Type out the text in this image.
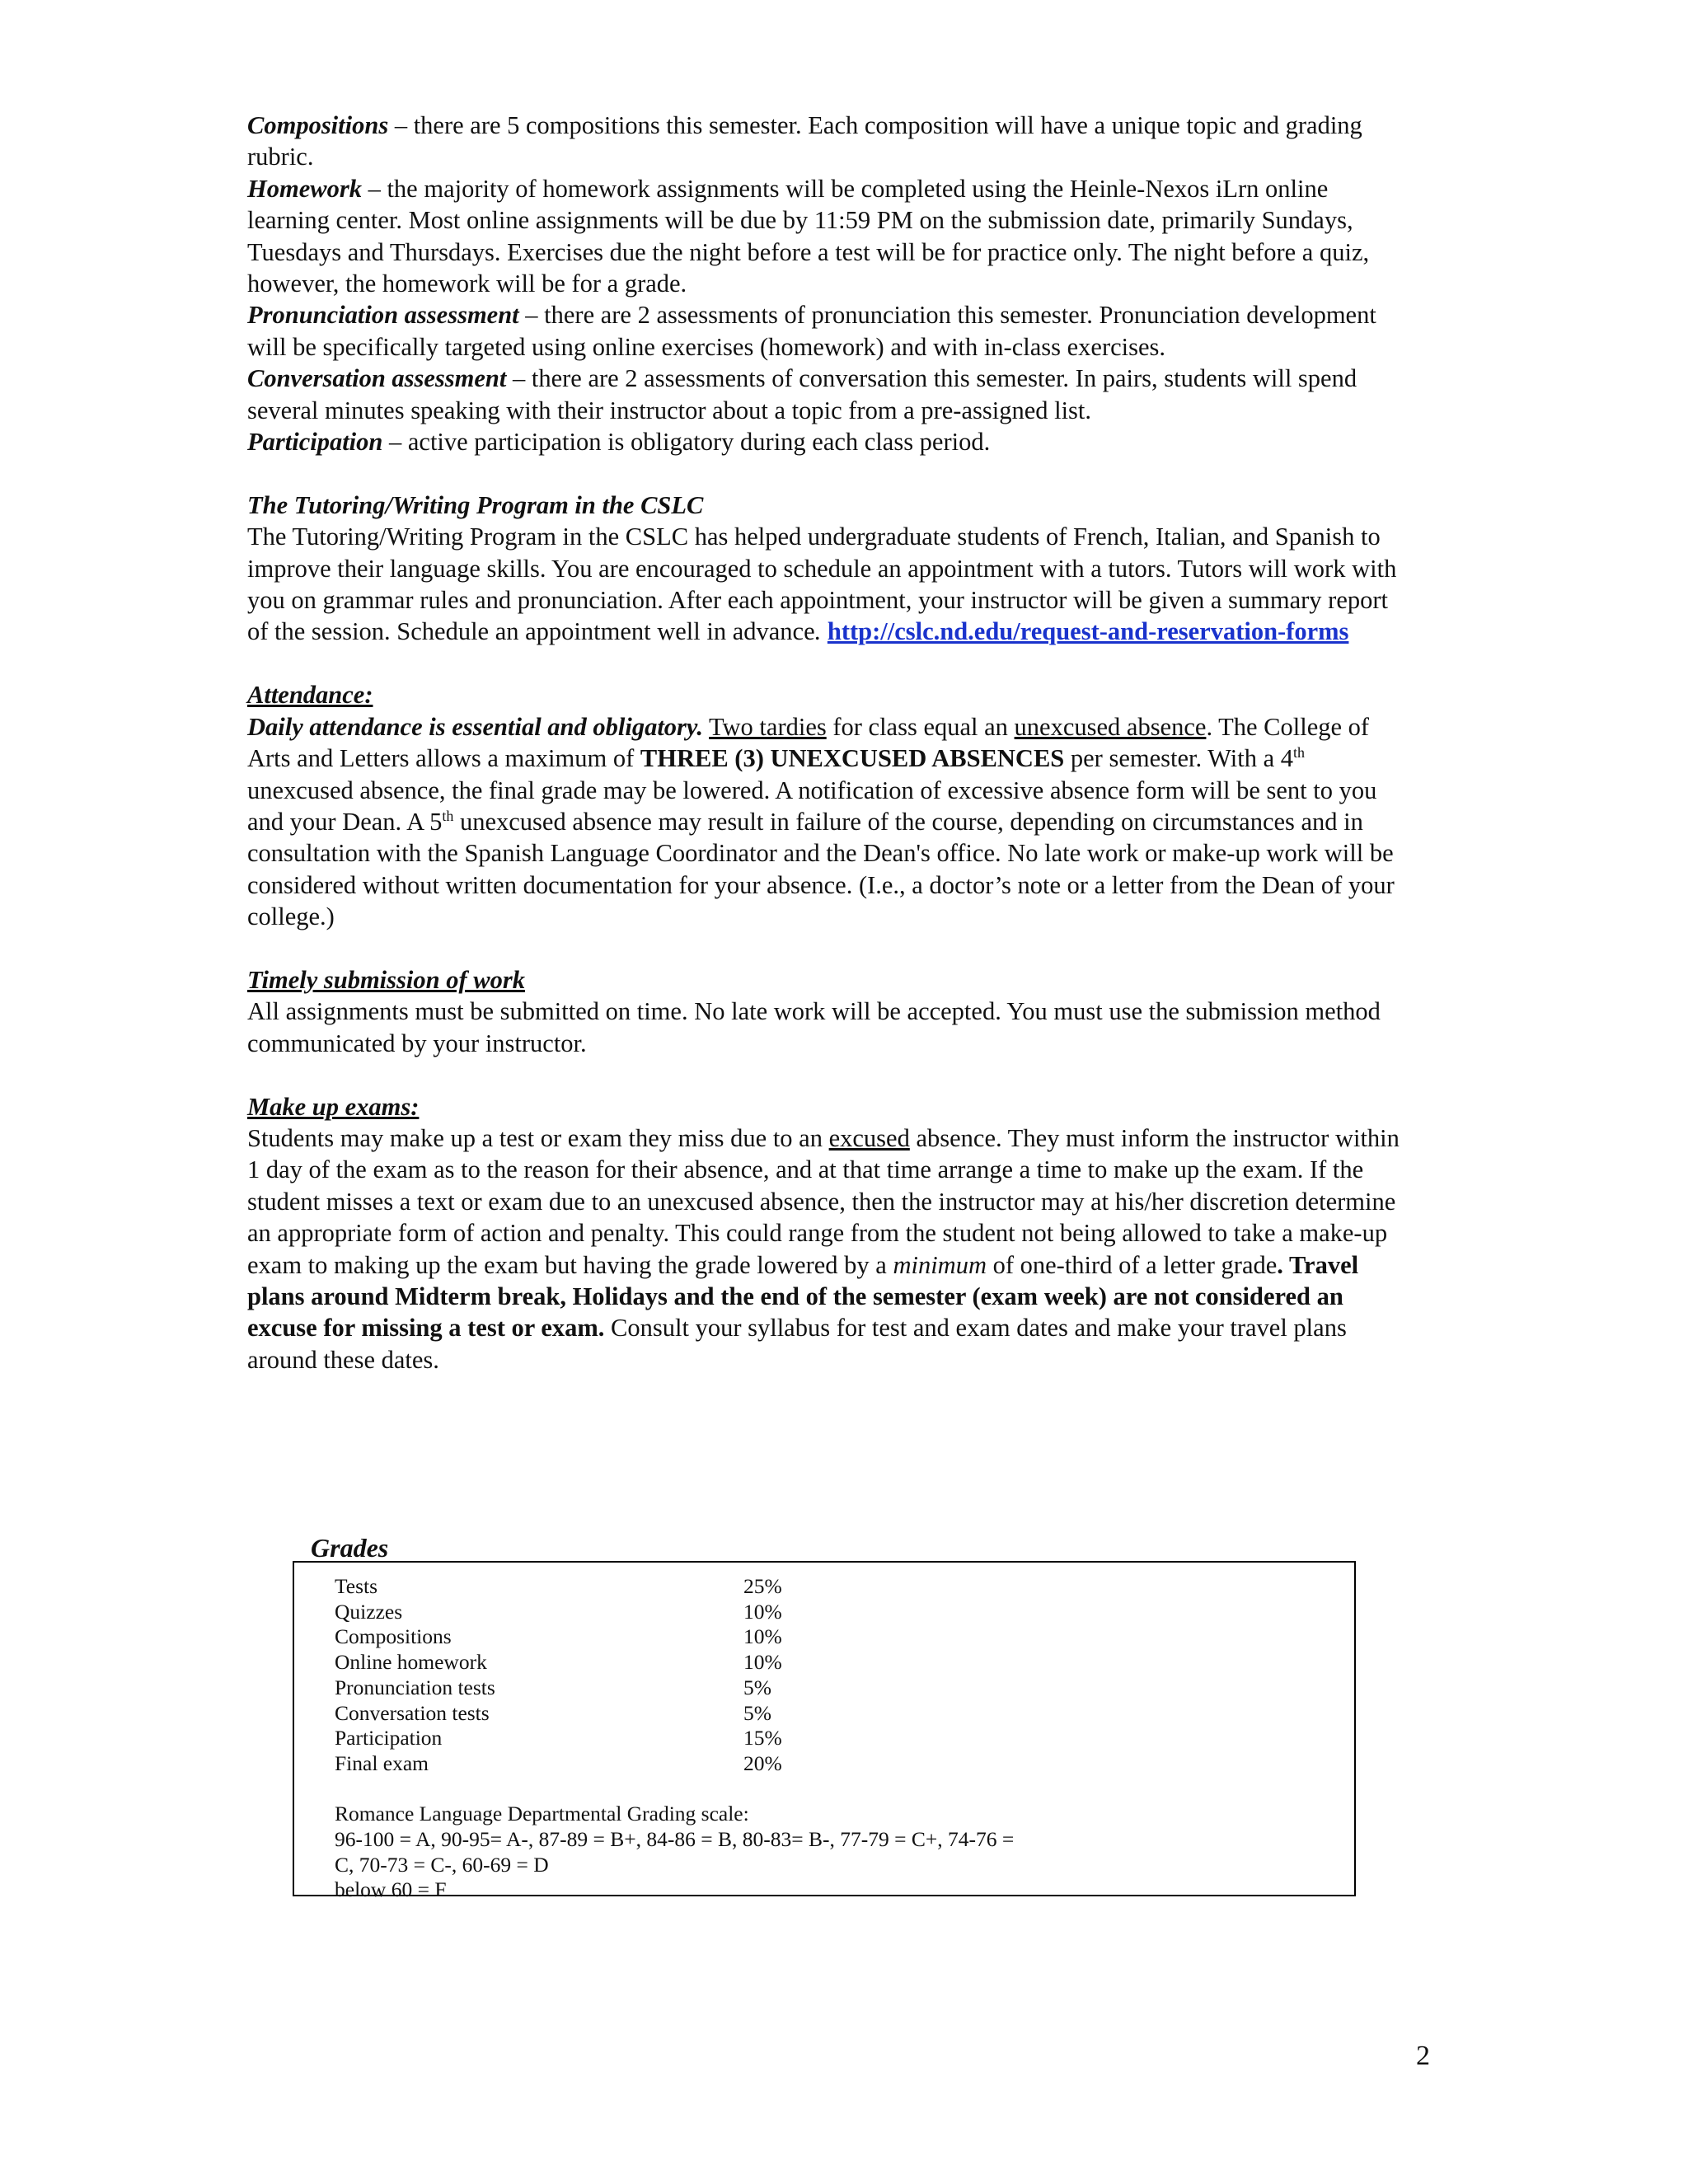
Compositions – there are 5 compositions this semester. Each composition will have a unique topic and grading rubric.

Homework – the majority of homework assignments will be completed using the Heinle-Nexos iLrn online learning center. Most online assignments will be due by 11:59 PM on the submission date, primarily Sundays, Tuesdays and Thursdays. Exercises due the night before a test will be for practice only. The night before a quiz, however, the homework will be for a grade.

Pronunciation assessment – there are 2 assessments of pronunciation this semester. Pronunciation development will be specifically targeted using online exercises (homework) and with in-class exercises.

Conversation assessment – there are 2 assessments of conversation this semester. In pairs, students will spend several minutes speaking with their instructor about a topic from a pre-assigned list.

Participation – active participation is obligatory during each class period.

The Tutoring/Writing Program in the CSLC

The Tutoring/Writing Program in the CSLC has helped undergraduate students of French, Italian, and Spanish to improve their language skills. You are encouraged to schedule an appointment with a tutors. Tutors will work with you on grammar rules and pronunciation. After each appointment, your instructor will be given a summary report of the session. Schedule an appointment well in advance. http://cslc.nd.edu/request-and-reservation-forms

Attendance:

Daily attendance is essential and obligatory. Two tardies for class equal an unexcused absence. The College of Arts and Letters allows a maximum of THREE (3) UNEXCUSED ABSENCES per semester. With a 4th unexcused absence, the final grade may be lowered. A notification of excessive absence form will be sent to you and your Dean. A 5th unexcused absence may result in failure of the course, depending on circumstances and in consultation with the Spanish Language Coordinator and the Dean's office. No late work or make-up work will be considered without written documentation for your absence. (I.e., a doctor’s note or a letter from the Dean of your college.)

Timely submission of work

All assignments must be submitted on time. No late work will be accepted. You must use the submission method communicated by your instructor.

Make up exams:

Students may make up a test or exam they miss due to an excused absence. They must inform the instructor within 1 day of the exam as to the reason for their absence, and at that time arrange a time to make up the exam. If the student misses a text or exam due to an unexcused absence, then the instructor may at his/her discretion determine an appropriate form of action and penalty. This could range from the student not being allowed to take a make-up exam to making up the exam but having the grade lowered by a minimum of one-third of a letter grade. Travel plans around Midterm break, Holidays and the end of the semester (exam week) are not considered an excuse for missing a test or exam. Consult your syllabus for test and exam dates and make your travel plans around these dates.

Grades
Tests	25%
Quizzes	10%
Compositions	10%
Online homework	10%
Pronunciation tests	5%
Conversation tests	5%
Participation	15%
Final exam	20%
Romance Language Departmental Grading scale:
96-100 = A, 90-95= A-, 87-89 = B+, 84-86 = B, 80-83= B-, 77-79 = C+, 74-76 =
C, 70-73 = C-, 60-69 = D
below 60 = F
2
